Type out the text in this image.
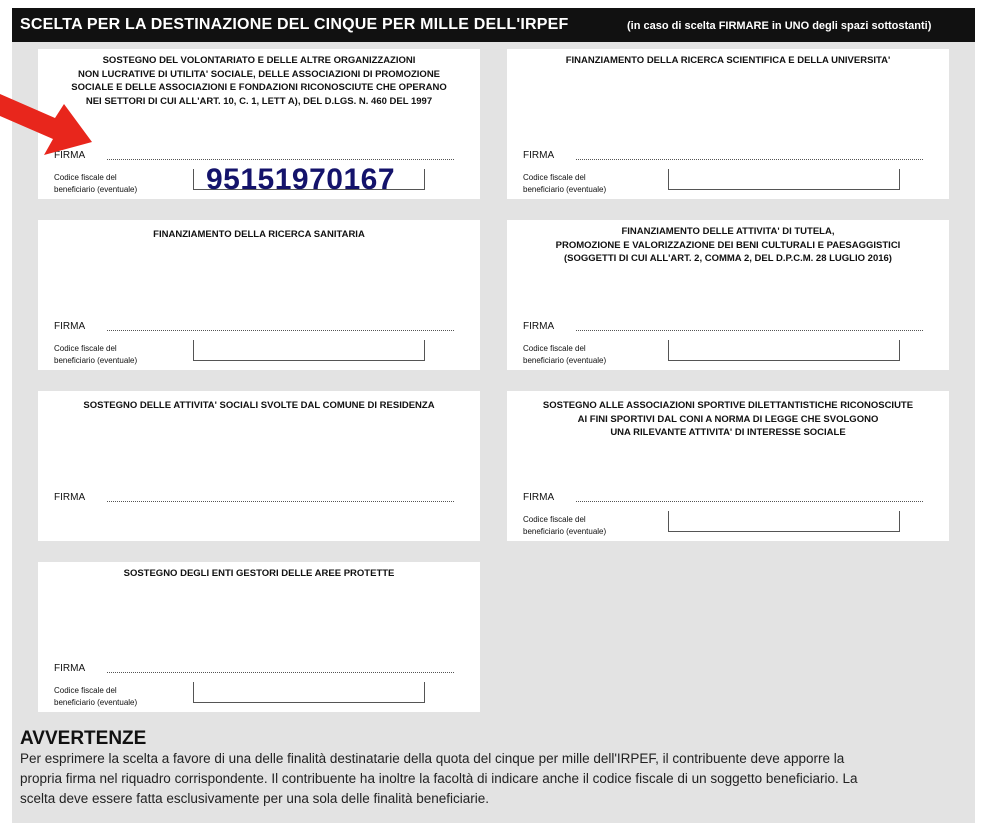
SCELTA PER LA DESTINAZIONE DEL CINQUE PER MILLE DELL'IRPEF	(in caso di scelta FIRMARE in UNO degli spazi sottostanti)
SOSTEGNO DEL VOLONTARIATO E DELLE ALTRE ORGANIZZAZIONI
NON LUCRATIVE DI UTILITA' SOCIALE, DELLE ASSOCIAZIONI DI PROMOZIONE
SOCIALE E DELLE ASSOCIAZIONI E FONDAZIONI RICONOSCIUTE CHE OPERANO
NEI SETTORI DI CUI ALL'ART. 10, C. 1, LETT A), DEL D.LGS. N. 460 DEL 1997
FIRMA
Codice fiscale del
beneficiario (eventuale) 95151970167
FINANZIAMENTO DELLA RICERCA SCIENTIFICA E DELLA UNIVERSITA'
FIRMA
Codice fiscale del
beneficiario (eventuale)
FINANZIAMENTO DELLA RICERCA SANITARIA
FIRMA
Codice fiscale del
beneficiario (eventuale)
FINANZIAMENTO DELLE ATTIVITA' DI TUTELA,
PROMOZIONE E VALORIZZAZIONE DEI BENI CULTURALI E PAESAGGISTICI
(SOGGETTI DI CUI ALL'ART. 2, COMMA 2, DEL D.P.C.M. 28 LUGLIO 2016)
FIRMA
Codice fiscale del
beneficiario (eventuale)
SOSTEGNO DELLE ATTIVITA' SOCIALI SVOLTE DAL COMUNE DI RESIDENZA
FIRMA
SOSTEGNO ALLE ASSOCIAZIONI SPORTIVE DILETTANTISTICHE RICONOSCIUTE
AI FINI SPORTIVI DAL CONI A NORMA DI LEGGE CHE SVOLGONO
UNA RILEVANTE ATTIVITA' DI INTERESSE SOCIALE
FIRMA
Codice fiscale del
beneficiario (eventuale)
SOSTEGNO DEGLI ENTI GESTORI DELLE AREE PROTETTE
FIRMA
Codice fiscale del
beneficiario (eventuale)
AVVERTENZE
Per esprimere la scelta a favore di una delle finalità destinatarie della quota del cinque per mille dell'IRPEF, il contribuente deve apporre la propria firma nel riquadro corrispondente. Il contribuente ha inoltre la facoltà di indicare anche il codice fiscale di un soggetto beneficiario. La scelta deve essere fatta esclusivamente per una sola delle finalità beneficiarie.
